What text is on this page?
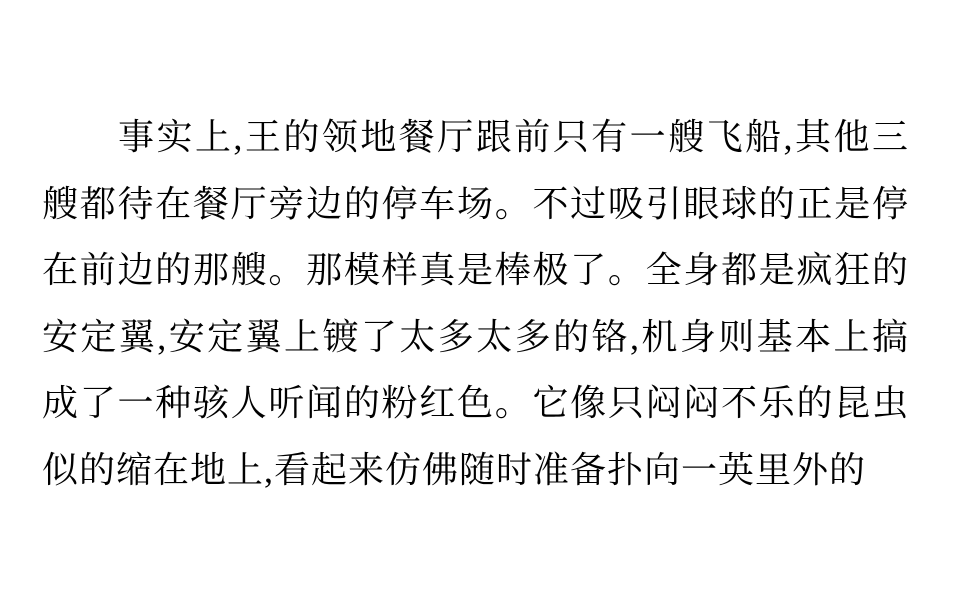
事实上,王的领地餐厅跟前只有一艘飞船,其他三
艘都待在餐厅旁边的停车场。不过吸引眼球的正是停
在前边的那艘。那模样真是棒极了。全身都是疯狂的
安定翼,安定翼上镀了太多太多的铬,机身则基本上搞
成了一种骇人听闻的粉红色。它像只闷闷不乐的昆虫
似的缩在地上,看起来仿佛随时准备扑向一英里外的
